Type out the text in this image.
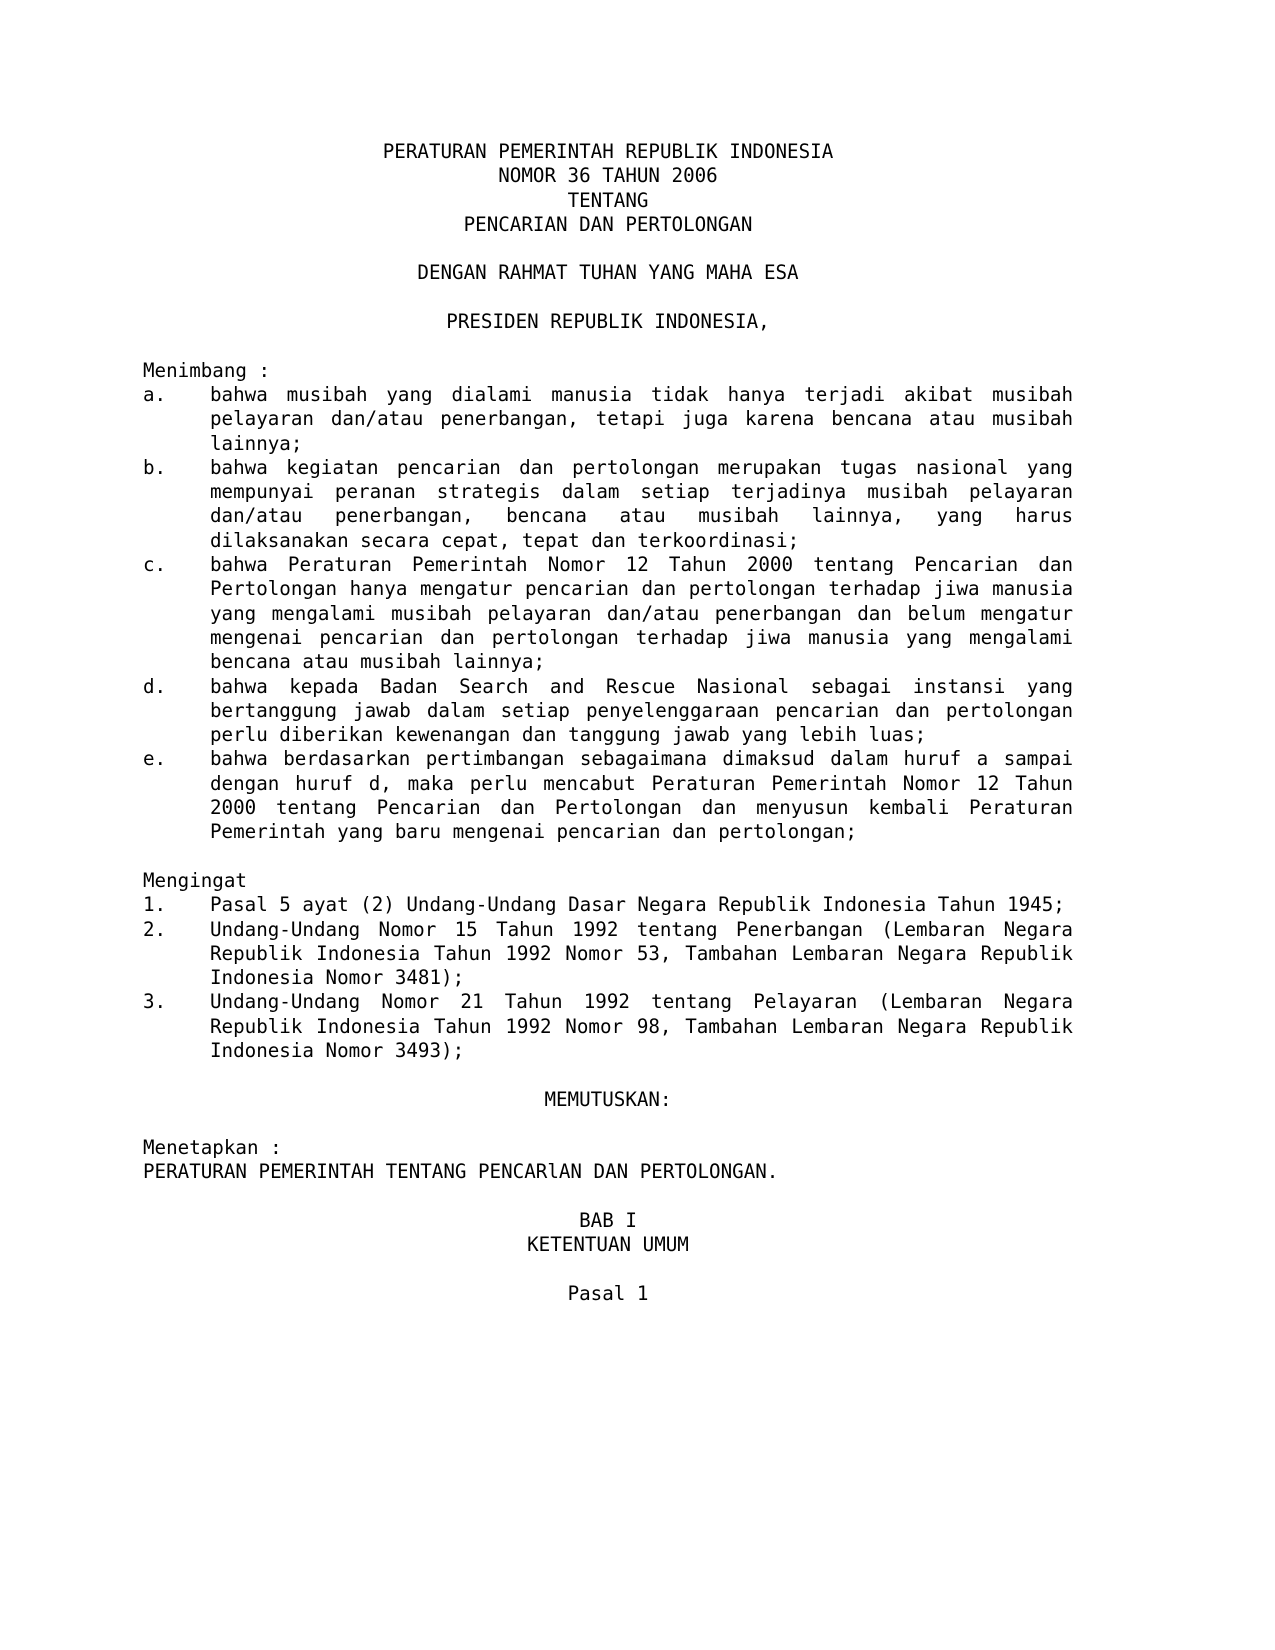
PERATURAN PEMERINTAH REPUBLIK INDONESIA
NOMOR 36 TAHUN 2006
TENTANG
PENCARIAN DAN PERTOLONGAN
DENGAN RAHMAT TUHAN YANG MAHA ESA
PRESIDEN REPUBLIK INDONESIA,
Menimbang :
a. bahwa musibah yang dialami manusia tidak hanya terjadi akibat musibah pelayaran dan/atau penerbangan, tetapi juga karena bencana atau musibah lainnya;
b. bahwa kegiatan pencarian dan pertolongan merupakan tugas nasional yang mempunyai peranan strategis dalam setiap terjadinya musibah pelayaran dan/atau penerbangan, bencana atau musibah lainnya, yang harus dilaksanakan secara cepat, tepat dan terkoordinasi;
c. bahwa Peraturan Pemerintah Nomor 12 Tahun 2000 tentang Pencarian dan Pertolongan hanya mengatur pencarian dan pertolongan terhadap jiwa manusia yang mengalami musibah pelayaran dan/atau penerbangan dan belum mengatur mengenai pencarian dan pertolongan terhadap jiwa manusia yang mengalami bencana atau musibah lainnya;
d. bahwa kepada Badan Search and Rescue Nasional sebagai instansi yang bertanggung jawab dalam setiap penyelenggaraan pencarian dan pertolongan perlu diberikan kewenangan dan tanggung jawab yang lebih luas;
e. bahwa berdasarkan pertimbangan sebagaimana dimaksud dalam huruf a sampai dengan huruf d, maka perlu mencabut Peraturan Pemerintah Nomor 12 Tahun 2000 tentang Pencarian dan Pertolongan dan menyusun kembali Peraturan Pemerintah yang baru mengenai pencarian dan pertolongan;
Mengingat
1. Pasal 5 ayat (2) Undang-Undang Dasar Negara Republik Indonesia Tahun 1945;
2. Undang-Undang Nomor 15 Tahun 1992 tentang Penerbangan (Lembaran Negara Republik Indonesia Tahun 1992 Nomor 53, Tambahan Lembaran Negara Republik Indonesia Nomor 3481);
3. Undang-Undang Nomor 21 Tahun 1992 tentang Pelayaran (Lembaran Negara Republik Indonesia Tahun 1992 Nomor 98, Tambahan Lembaran Negara Republik Indonesia Nomor 3493);
MEMUTUSKAN:
Menetapkan :
PERATURAN PEMERINTAH TENTANG PENCARlAN DAN PERTOLONGAN.
BAB I
KETENTUAN UMUM
Pasal 1
